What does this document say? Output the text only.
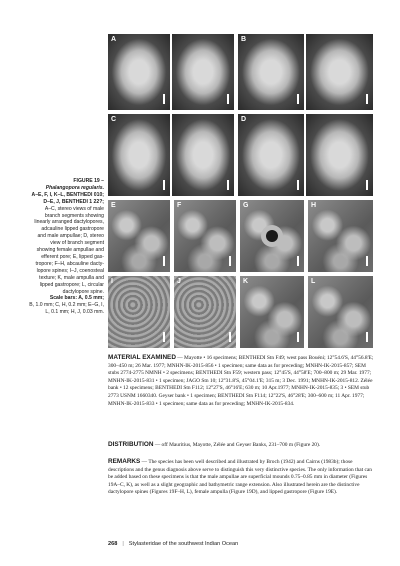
A	B
C	D
E	F	G	H
I	J	K	L
FIGURE 19 –
Phalangopora regularis.
A–E, F, I, K–L, BENTHEDI 010;
D–E, J, BENTHEDI 1 22?;
A–C, stereo views of male
branch segments showing
linearly arranged dactylopores,
adcauline lipped gastropore
and male ampullae; D, stereo
view of branch segment
showing female ampullae and
efferent pore; E, lipped gas-
tropore; F–H, abcauline dacty-
lopore spines; I–J, coenosteal
texture; K, male ampulla and
lipped gastropore; L, circular
dactylopore spine.
Scale bars: A, 0.5 mm;
B, 1.0 mm; C, H, 0.2 mm; E–G, I,
L, 0.1 mm; H, J, 0.03 mm.
MATERIAL EXAMINED — Mayotte • 16 specimens; BENTHEDI Stn F49; west pass Bouéni; 12°54.6'S, 44°56.8'E; 300–450 m; 26 Mar. 1977; MNHN-IK-2015-856 • 1 specimen; same data as for preceding; MNHN-IK-2015-857; SEM stubs 2774-2775 NMNH • 2 specimens; BENTHEDI Stn F59; western pass; 12°45'S, 44°58'E; 700–800 m; 29 Mar. 1977; MNHN-IK-2015-831 • 1 specimen; JAGO Stn 10; 12°31.8'S, 45°04.1'E; 315 m; 3 Dec. 1991; MNHN-IK-2015-812. Zélée bank • 12 specimens; BENTHEDI Stn F112; 12°27'S, 46°16'E; 630 m; 10 Apr.1977; MNHN-IK-2015-835; 3 • SEM stub 2773 USNM 1660340. Geyser bank • 1 specimen; BENTHEDI Stn F114; 12°22'S, 46°28'E; 300–600 m; 11 Apr. 1977; MNHN-IK-2015-833 • 1 specimen; same data as for preceding; MNHN-IK-2015-834.
DISTRIBUTION — off Mauritius, Mayotte, Zélée and Geyser Banks, 231–700 m (Figure 20).
REMARKS — The species has been well described and illustrated by Broch (1942) and Cairns (1983b); those descriptions and the genus diagnosis above serve to distinguish this very distinctive species. The only information that can be added based on these specimens is that the male ampullae are superficial mounds 0.75–0.85 mm in diameter (Figures 19A–C, K), as well as a slight geographic and bathymetric range extension. Also illustrated herein are the distinctive dactylopore spines (Figures 19F–H, L), female ampulla (Figure 19D), and lipped gastropore (Figure 19E).
268 | Stylasteridae of the southwest Indian Ocean
